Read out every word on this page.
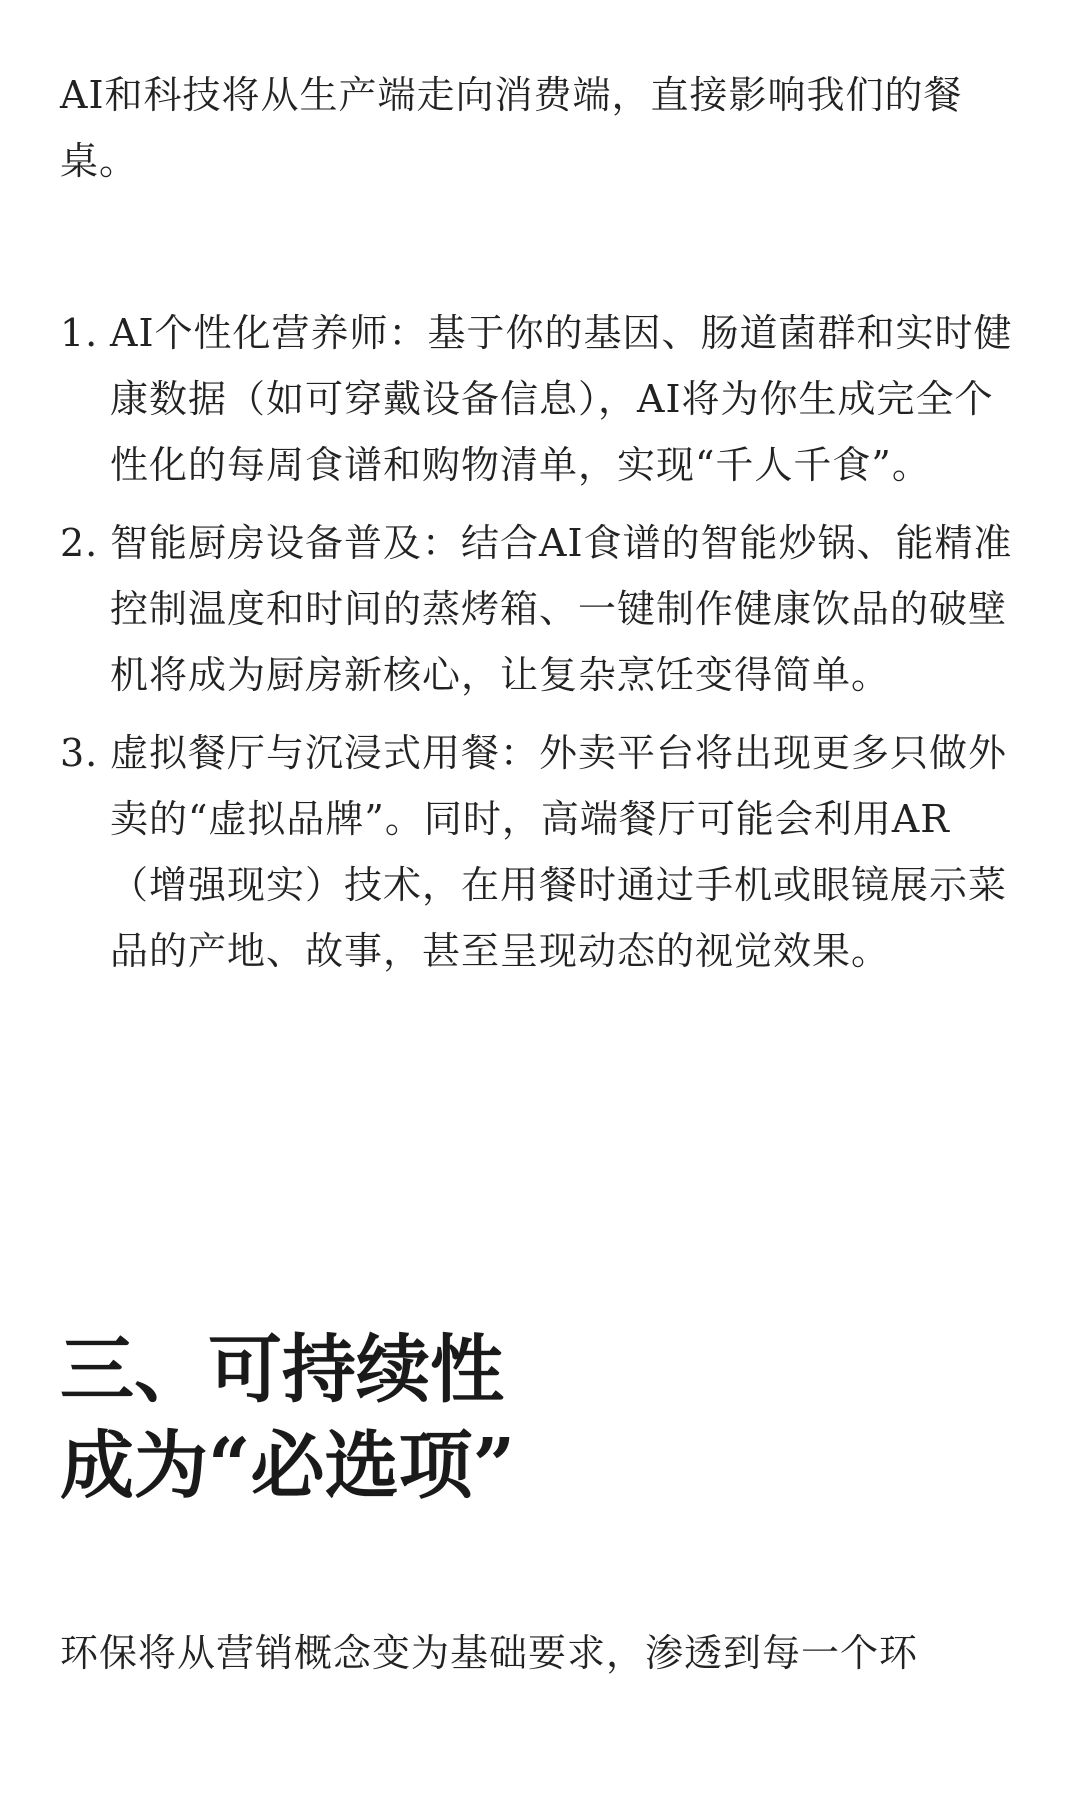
AI和科技将从生产端走向消费端，直接影响我们的餐桌。

1. AI个性化营养师：基于你的基因、肠道菌群和实时健康数据（如可穿戴设备信息），AI将为你生成完全个性化的每周食谱和购物清单，实现“千人千食”。
2. 智能厨房设备普及：结合AI食谱的智能炒锅、能精准控制温度和时间的蒸烤箱、一键制作健康饮品的破壁机将成为厨房新核心，让复杂烹饪变得简单。
3. 虚拟餐厅与沉浸式用餐：外卖平台将出现更多只做外卖的“虚拟品牌”。同时，高端餐厅可能会利用AR（增强现实）技术，在用餐时通过手机或眼镜展示菜品的产地、故事，甚至呈现动态的视觉效果。
三、可持续性
成为“必选项”

环保将从营销概念变为基础要求，渗透到每一个环
